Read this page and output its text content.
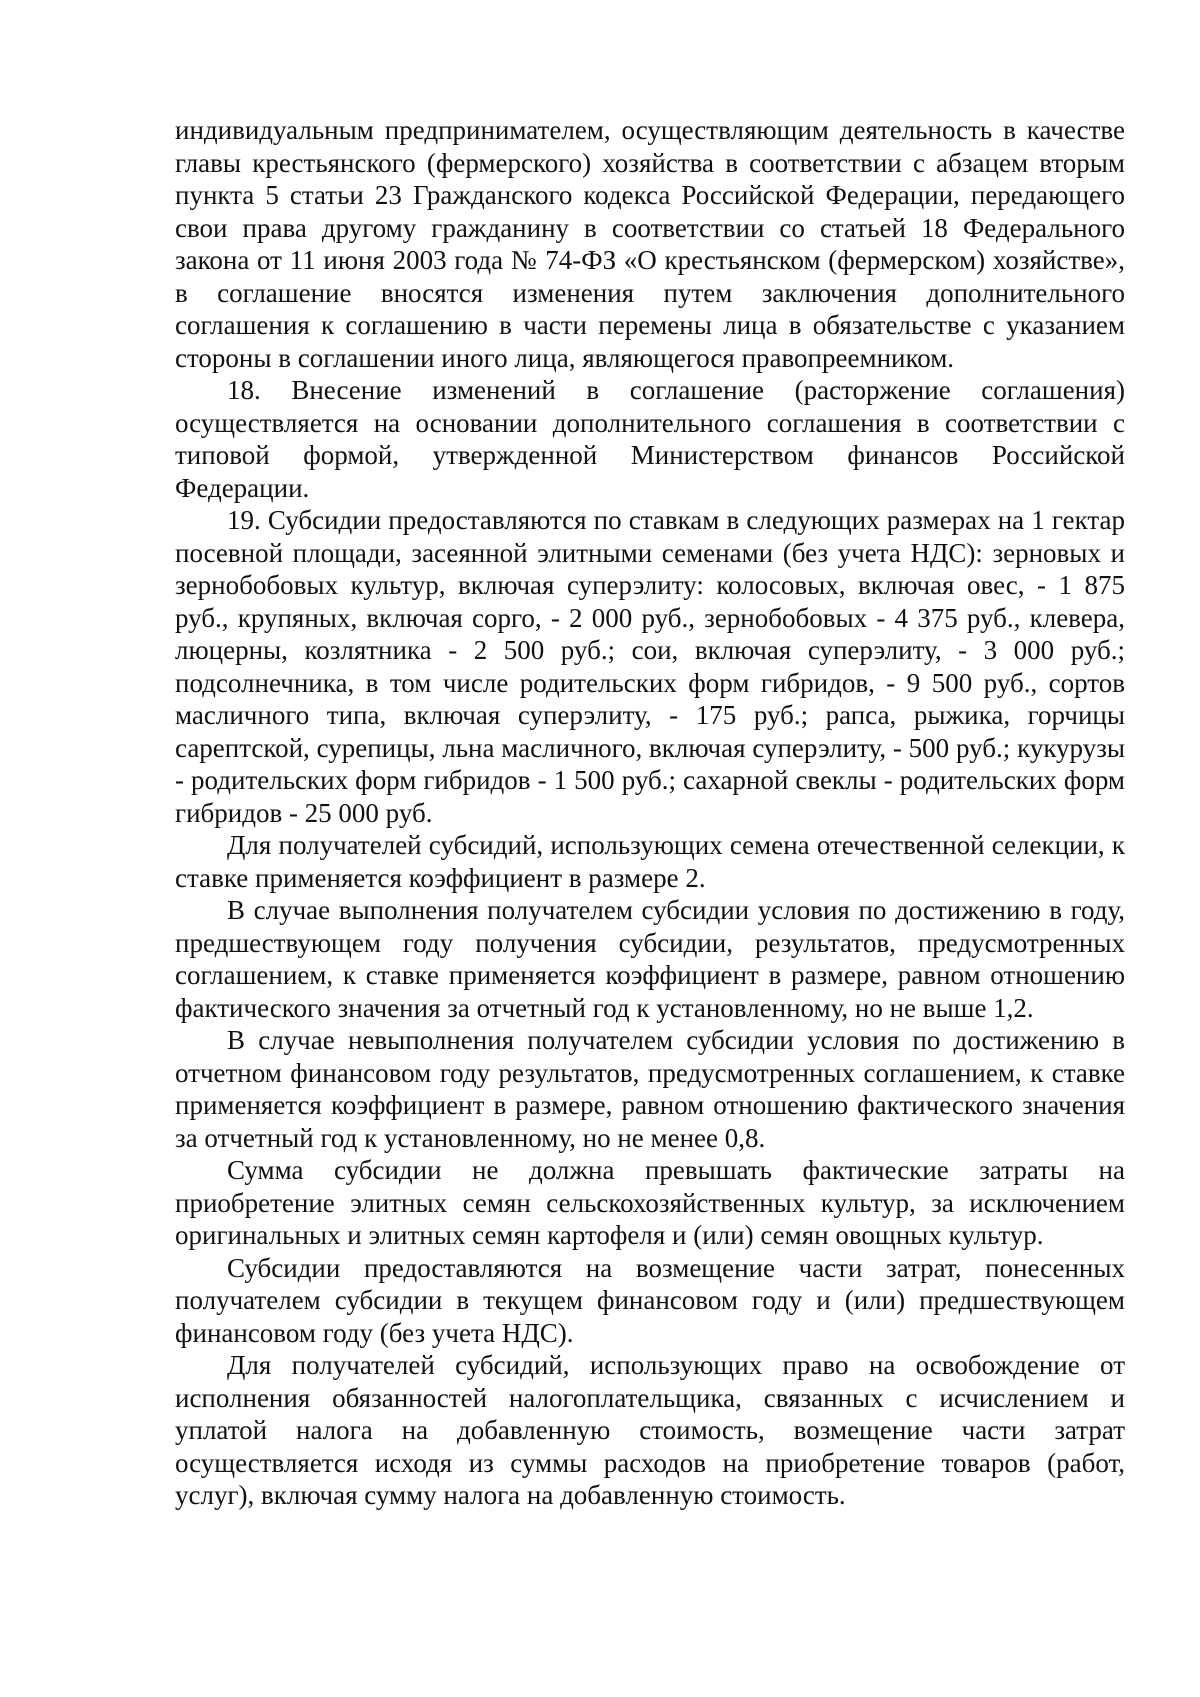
индивидуальным предпринимателем, осуществляющим деятельность в качестве главы крестьянского (фермерского) хозяйства в соответствии с абзацем вторым пункта 5 статьи 23 Гражданского кодекса Российской Федерации, передающего свои права другому гражданину в соответствии со статьей 18 Федерального закона от 11 июня 2003 года № 74-ФЗ «О крестьянском (фермерском) хозяйстве», в соглашение вносятся изменения путем заключения дополнительного соглашения к соглашению в части перемены лица в обязательстве с указанием стороны в соглашении иного лица, являющегося правопреемником.

18. Внесение изменений в соглашение (расторжение соглашения) осуществляется на основании дополнительного соглашения в соответствии с типовой формой, утвержденной Министерством финансов Российской Федерации.

19. Субсидии предоставляются по ставкам в следующих размерах на 1 гектар посевной площади, засеянной элитными семенами (без учета НДС): зерновых и зернобобовых культур, включая суперэлиту: колосовых, включая овес, - 1 875 руб., крупяных, включая сорго, - 2 000 руб., зернобобовых - 4 375 руб., клевера, люцерны, козлятника - 2 500 руб.; сои, включая суперэлиту, - 3 000 руб.; подсолнечника, в том числе родительских форм гибридов, - 9 500 руб., сортов масличного типа, включая суперэлиту, - 175 руб.; рапса, рыжика, горчицы сарептской, сурепицы, льна масличного, включая суперэлиту, - 500 руб.; кукурузы - родительских форм гибридов - 1 500 руб.; сахарной свеклы - родительских форм гибридов - 25 000 руб.

Для получателей субсидий, использующих семена отечественной селекции, к ставке применяется коэффициент в размере 2.

В случае выполнения получателем субсидии условия по достижению в году, предшествующем году получения субсидии, результатов, предусмотренных соглашением, к ставке применяется коэффициент в размере, равном отношению фактического значения за отчетный год к установленному, но не выше 1,2.

В случае невыполнения получателем субсидии условия по достижению в отчетном финансовом году результатов, предусмотренных соглашением, к ставке применяется коэффициент в размере, равном отношению фактического значения за отчетный год к установленному, но не менее 0,8.

Сумма субсидии не должна превышать фактические затраты на приобретение элитных семян сельскохозяйственных культур, за исключением оригинальных и элитных семян картофеля и (или) семян овощных культур.

Субсидии предоставляются на возмещение части затрат, понесенных получателем субсидии в текущем финансовом году и (или) предшествующем финансовом году (без учета НДС).

Для получателей субсидий, использующих право на освобождение от исполнения обязанностей налогоплательщика, связанных с исчислением и уплатой налога на добавленную стоимость, возмещение части затрат осуществляется исходя из суммы расходов на приобретение товаров (работ, услуг), включая сумму налога на добавленную стоимость.
